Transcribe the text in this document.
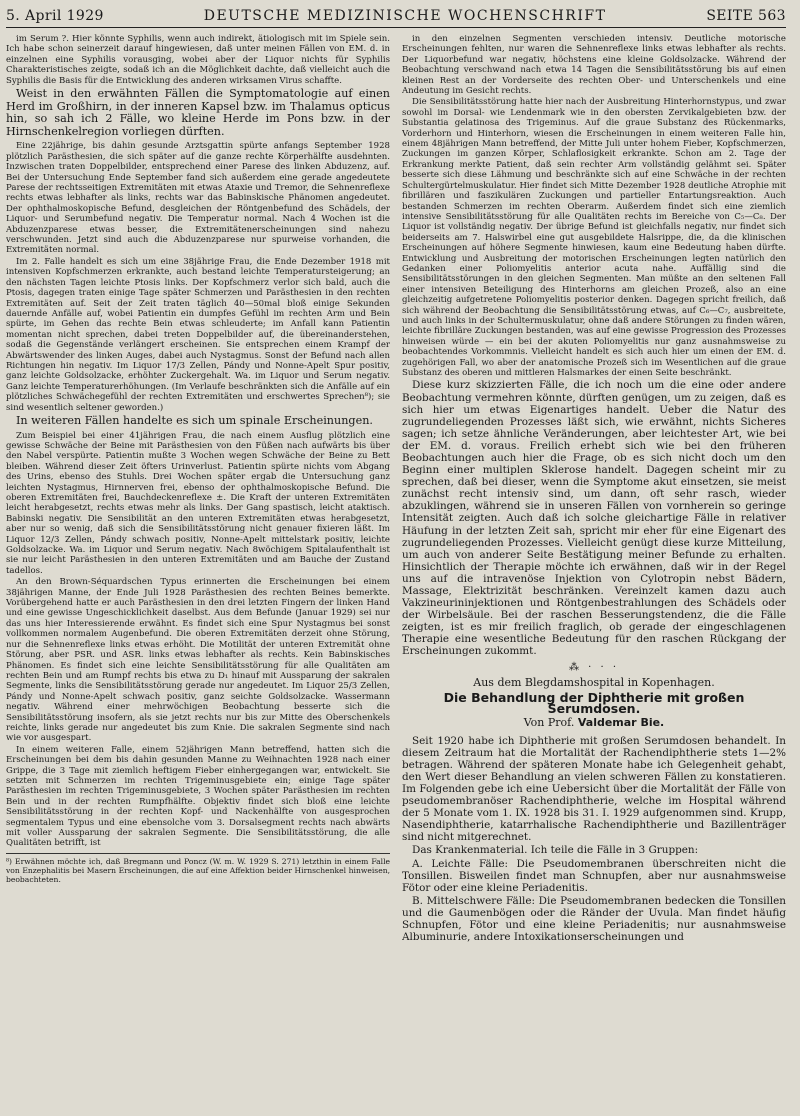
5. April 1929	DEUTSCHE MEDIZINISCHE WOCHENSCHRIFT	SEITE 563

im Serum ?. Hier könnte Syphilis, wenn auch indirekt, ätiologisch mit im Spiele sein. Ich habe schon seinerzeit darauf hingewiesen, daß unter meinen Fällen von EM. d. in einzelnen eine Syphilis vorausging, wobei aber der Liquor nichts für Syphilis Charakteristisches zeigte, sodaß ich an die Möglichkeit dachte, daß vielleicht auch die Syphilis die Basis für die Entwicklung des anderen wirksamen Virus schaffte.

Weist in den erwähnten Fällen die Symptomatologie auf einen Herd im Großhirn, in der inneren Kapsel bzw. im Thalamus opticus hin, so sah ich 2 Fälle, wo kleine Herde im Pons bzw. in der Hirnschenkelregion vorliegen dürften.

Eine 22jährige, bis dahin gesunde Arztsgattin spürte anfangs September 1928 plötzlich Parästhesien, die sich später auf die ganze rechte Körperhälfte ausdehnten. Inzwischen traten Doppelbilder, entsprechend einer Parese des linken Abduzenz, auf. Bei der Untersuchung Ende September fand sich außerdem eine gerade angedeutete Parese der rechtsseitigen Extremitäten mit etwas Ataxie und Tremor, die Sehnenreflexe rechts etwas lebhafter als links, rechts war das Babinskische Phänomen angedeutet. Der ophthalmoskopische Befund, desgleichen der Röntgenbefund des Schädels, der Liquor- und Serumbefund negativ. Die Temperatur normal. Nach 4 Wochen ist die Abduzenzparese etwas besser, die Extremitätenerscheinungen sind nahezu verschwunden. Jetzt sind auch die Abduzenzparese nur spurweise vorhanden, die Extremitäten normal.

Im 2. Falle handelt es sich um eine 38jährige Frau, die Ende Dezember 1918 mit intensiven Kopfschmerzen erkrankte, auch bestand leichte Temperatursteigerung; an den nächsten Tagen leichte Ptosis links. Der Kopfschmerz verlor sich bald, auch die Ptosis, dagegen traten einige Tage später Schmerzen und Parästhesien in den rechten Extremitäten auf. Seit der Zeit traten täglich 40—50mal bloß einige Sekunden dauernde Anfälle auf, wobei Patientin ein dumpfes Gefühl im rechten Arm und Bein spürte, im Gehen das rechte Bein etwas schleuderte; im Anfall kann Patientin momentan nicht sprechen, dabei treten Doppelbilder auf, die übereinanderstehen, sodaß die Gegenstände verlängert erscheinen. Sie entsprechen einem Krampf der Abwärtswender des linken Auges, dabei auch Nystagmus. Sonst der Befund nach allen Richtungen hin negativ. Im Liquor 17/3 Zellen, Pándy und Nonne-Apelt Spur positiv, ganz leichte Goldsolzacke, erhöhter Zuckergehalt. Wa. im Liquor und Serum negativ. Ganz leichte Temperaturerhöhungen. (Im Verlaufe beschränkten sich die Anfälle auf ein plötzliches Schwächegefühl der rechten Extremitäten und erschwertes Sprechen⁸); sie sind wesentlich seltener geworden.)

In weiteren Fällen handelte es sich um spinale Erscheinungen.

Zum Beispiel bei einer 41jährigen Frau, die nach einem Ausflug plötzlich eine gewisse Schwäche der Beine mit Parästhesien von den Füßen nach aufwärts bis über den Nabel verspürte. Patientin mußte 3 Wochen wegen Schwäche der Beine zu Bett bleiben. Während dieser Zeit öfters Urinverlust. Patientin spürte nichts vom Abgang des Urins, ebenso des Stuhls. Drei Wochen später ergab die Untersuchung ganz leichten Nystagmus, Hirnnerven frei, ebenso der ophthalmoskopische Befund. Die oberen Extremitäten frei, Bauchdeckenreflexe ±. Die Kraft der unteren Extremitäten leicht herabgesetzt, rechts etwas mehr als links. Der Gang spastisch, leicht ataktisch. Babinski negativ. Die Sensibilität an den unteren Extremitäten etwas herabgesetzt, aber nur so wenig, daß sich die Sensibilitätsstörung nicht genauer fixieren läßt. Im Liquor 12/3 Zellen, Pándy schwach positiv, Nonne-Apelt mittelstark positiv, leichte Goldsolzacke. Wa. im Liquor und Serum negativ. Nach 8wöchigem Spitalaufenthalt ist sie nur leicht Parästhesien in den unteren Extremitäten und am Bauche der Zustand tadellos.

An den Brown-Séquardschen Typus erinnerten die Erscheinungen bei einem 38jährigen Manne, der Ende Juli 1928 Parästhesien des rechten Beines bemerkte. Vorübergehend hatte er auch Parästhesien in den drei letzten Fingern der linken Hand und eine gewisse Ungeschicklichkeit daselbst. Aus dem Befunde (Januar 1929) sei nur das uns hier Interessierende erwähnt. Es findet sich eine Spur Nystagmus bei sonst vollkommen normalem Augenbefund. Die oberen Extremitäten derzeit ohne Störung, nur die Sehnenreflexe links etwas erhöht. Die Motilität der unteren Extremität ohne Störung, aber PSR. und ASR. links etwas lebhafter als rechts. Kein Babinskisches Phänomen. Es findet sich eine leichte Sensibilitätsstörung für alle Qualitäten am rechten Bein und am Rumpf rechts bis etwa zu D₁ hinauf mit Aussparung der sakralen Segmente, links die Sensibilitätsstörung gerade nur angedeutet. Im Liquor 25/3 Zellen, Pándy und Nonne-Apelt schwach positiv, ganz seichte Goldsolzacke. Wassermann negativ. Während einer mehrwöchigen Beobachtung besserte sich die Sensibilitätsstörung insofern, als sie jetzt rechts nur bis zur Mitte des Oberschenkels reichte, links gerade nur angedeutet bis zum Knie. Die sakralen Segmente sind nach wie vor ausgespart.

In einem weiteren Falle, einem 52jährigen Mann betreffend, hatten sich die Erscheinungen bei dem bis dahin gesunden Manne zu Weihnachten 1928 nach einer Grippe, die 3 Tage mit ziemlich heftigem Fieber einhergegangen war, entwickelt. Sie setzten mit Schmerzen im rechten Trigeminusgebiete ein; einige Tage später Parästhesien im rechten Trigeminusgebiete, 3 Wochen später Parästhesien im rechten Bein und in der rechten Rumpfhälfte. Objektiv findet sich bloß eine leichte Sensibilitätsstörung in der rechten Kopf- und Nackenhälfte von ausgesprochen segmentalem Typus und eine ebensolche vom 3. Dorsalsegment rechts nach abwärts mit voller Aussparung der sakralen Segmente. Die Sensibilitätsstörung, die alle Qualitäten betrifft, ist

⁸) Erwähnen möchte ich, daß Bregmann und Poncz (W. m. W. 1929 S. 271) letzthin in einem Falle von Enzephalitis bei Masern Erscheinungen, die auf eine Affektion beider Hirnschenkel hinweisen, beobachteten.

in den einzelnen Segmenten verschieden intensiv. Deutliche motorische Erscheinungen fehlten, nur waren die Sehnenreflexe links etwas lebhafter als rechts. Der Liquorbefund war negativ, höchstens eine kleine Goldsolzacke. Während der Beobachtung verschwand nach etwa 14 Tagen die Sensibilitätsstörung bis auf einen kleinen Rest an der Vorderseite des rechten Ober- und Unterschenkels und eine Andeutung im Gesicht rechts.

Die Sensibilitätsstörung hatte hier nach der Ausbreitung Hinterhornstypus, und zwar sowohl im Dorsal- wie Lendenmark wie in den obersten Zervikalgebieten bzw. der Substantia gelatinosa des Trigeminus. Auf die graue Substanz des Rückenmarks, Vorderhorn und Hinterhorn, wiesen die Erscheinungen in einem weiteren Falle hin, einem 48jährigen Mann betreffend, der Mitte Juli unter hohem Fieber, Kopfschmerzen, Zuckungen im ganzen Körper, Schlaflosigkeit erkrankte. Schon am 2. Tage der Erkrankung merkte Patient, daß sein rechter Arm vollständig gelähmt sei. Später besserte sich diese Lähmung und beschränkte sich auf eine Schwäche in der rechten Schultergürtelmuskulatur. Hier findet sich Mitte Dezember 1928 deutliche Atrophie mit fibrillären und faszikulären Zuckungen und partieller Entartungsreaktion. Auch bestanden Schmerzen im rechten Oberarm. Außerdem findet sich eine ziemlich intensive Sensibilitätsstörung für alle Qualitäten rechts im Bereiche von C₅—C₈. Der Liquor ist vollständig negativ. Der übrige Befund ist gleichfalls negativ, nur findet sich beiderseits am 7. Halswirbel eine gut ausgebildete Halsrippe, die, da die klinischen Erscheinungen auf höhere Segmente hinwiesen, kaum eine Bedeutung haben dürfte. Entwicklung und Ausbreitung der motorischen Erscheinungen legten natürlich den Gedanken einer Poliomyelitis anterior acuta nahe. Auffällig sind die Sensibilitätsstörungen in den gleichen Segmenten. Man müßte an den seltenen Fall einer intensiven Beteiligung des Hinterhorns am gleichen Prozeß, also an eine gleichzeitig aufgetretene Poliomyelitis posterior denken. Dagegen spricht freilich, daß sich während der Beobachtung die Sensibilitätsstörung etwas, auf C₆—C₇, ausbreitete, und auch links in der Schultermuskulatur, ohne daß andere Störungen zu finden wären, leichte fibrilläre Zuckungen bestanden, was auf eine gewisse Progression des Prozesses hinweisen würde — ein bei der akuten Poliomyelitis nur ganz ausnahmsweise zu beobachtendes Vorkommnis. Vielleicht handelt es sich auch hier um einen der EM. d. zugehörigen Fall, wo aber der anatomische Prozeß sich im Wesentlichen auf die graue Substanz des oberen und mittleren Halsmarkes der einen Seite beschränkt.

Diese kurz skizzierten Fälle, die ich noch um die eine oder andere Beobachtung vermehren könnte, dürften genügen, um zu zeigen, daß es sich hier um etwas Eigenartiges handelt. Ueber die Natur des zugrundeliegenden Prozesses läßt sich, wie erwähnt, nichts Sicheres sagen; ich setze ähnliche Veränderungen, aber leichtester Art, wie bei der EM. d. voraus. Freilich erhebt sich wie bei den früheren Beobachtungen auch hier die Frage, ob es sich nicht doch um den Beginn einer multiplen Sklerose handelt. Dagegen scheint mir zu sprechen, daß bei dieser, wenn die Symptome akut einsetzen, sie meist zunächst recht intensiv sind, um dann, oft sehr rasch, wieder abzuklingen, während sie in unseren Fällen von vornherein so geringe Intensität zeigten. Auch daß ich solche gleichartige Fälle in relativer Häufung in der letzten Zeit sah, spricht mir eher für eine Eigenart des zugrundeliegenden Prozesses. Vielleicht genügt diese kurze Mitteilung, um auch von anderer Seite Bestätigung meiner Befunde zu erhalten. Hinsichtlich der Therapie möchte ich erwähnen, daß wir in der Regel uns auf die intravenöse Injektion von Cylotropin nebst Bädern, Massage, Elektrizität beschränken. Vereinzelt kamen dazu auch Vakzineurininjektionen und Röntgenbestrahlungen des Schädels oder der Wirbelsäule. Bei der raschen Besserungstendenz, die die Fälle zeigten, ist es mir freilich fraglich, ob gerade der eingeschlagenen Therapie eine wesentliche Bedeutung für den raschen Rückgang der Erscheinungen zukommt.

⁂ · · ·
Aus dem Blegdamshospital in Kopenhagen.
Die Behandlung der Diphtherie mit großen Serumdosen.
Von Prof. Valdemar Bie.

Seit 1920 habe ich Diphtherie mit großen Serumdosen behandelt. In diesem Zeitraum hat die Mortalität der Rachendiphtherie stets 1—2% betragen. Während der späteren Monate habe ich Gelegenheit gehabt, den Wert dieser Behandlung an vielen schweren Fällen zu konstatieren. Im Folgenden gebe ich eine Uebersicht über die Mortalität der Fälle von pseudomembranöser Rachendiphtherie, welche im Hospital während der 5 Monate vom 1. IX. 1928 bis 31. I. 1929 aufgenommen sind. Krupp, Nasendiphtherie, katarrhalische Rachendiphtherie und Bazillenträger sind nicht mitgerechnet.

Das Krankenmaterial. Ich teile die Fälle in 3 Gruppen:

A. Leichte Fälle: Die Pseudomembranen überschreiten nicht die Tonsillen. Bisweilen findet man Schnupfen, aber nur ausnahmsweise Fötor oder eine kleine Periadenitis.

B. Mittelschwere Fälle: Die Pseudomembranen bedecken die Tonsillen und die Gaumenbögen oder die Ränder der Uvula. Man findet häufig Schnupfen, Fötor und eine kleine Periadenitis; nur ausnahmsweise Albuminurie, andere Intoxikationserscheinungen und
